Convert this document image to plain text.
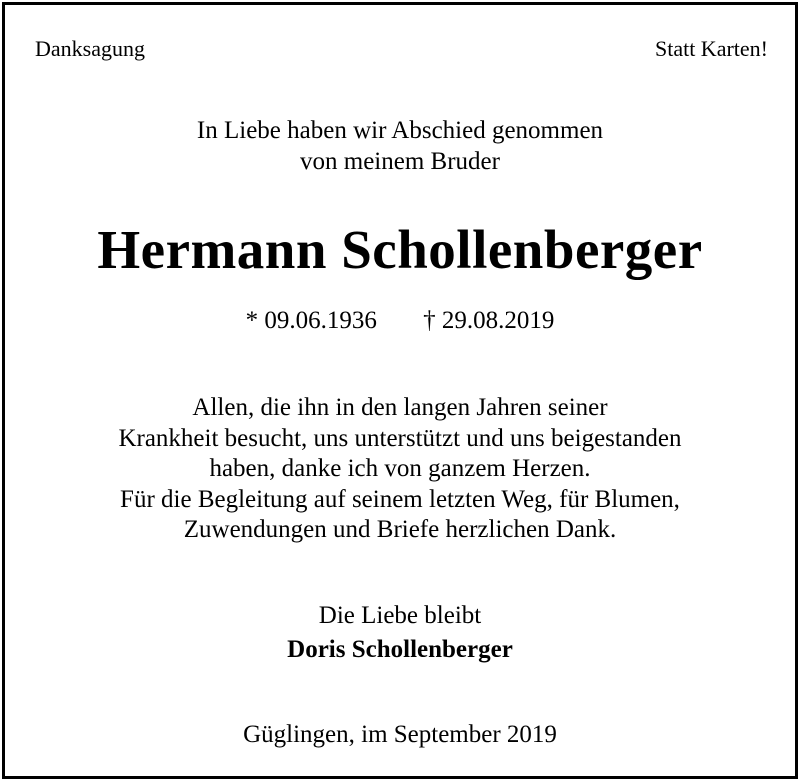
Danksagung	Statt Karten!
In Liebe haben wir Abschied genommen
von meinem Bruder
Hermann Schollenberger
* 09.06.1936 † 29.08.2019
Allen, die ihn in den langen Jahren seiner
Krankheit besucht, uns unterstützt und uns beigestanden
haben, danke ich von ganzem Herzen.
Für die Begleitung auf seinem letzten Weg, für Blumen,
Zuwendungen und Briefe herzlichen Dank.
Die Liebe bleibt
Doris Schollenberger
Güglingen, im September 2019
